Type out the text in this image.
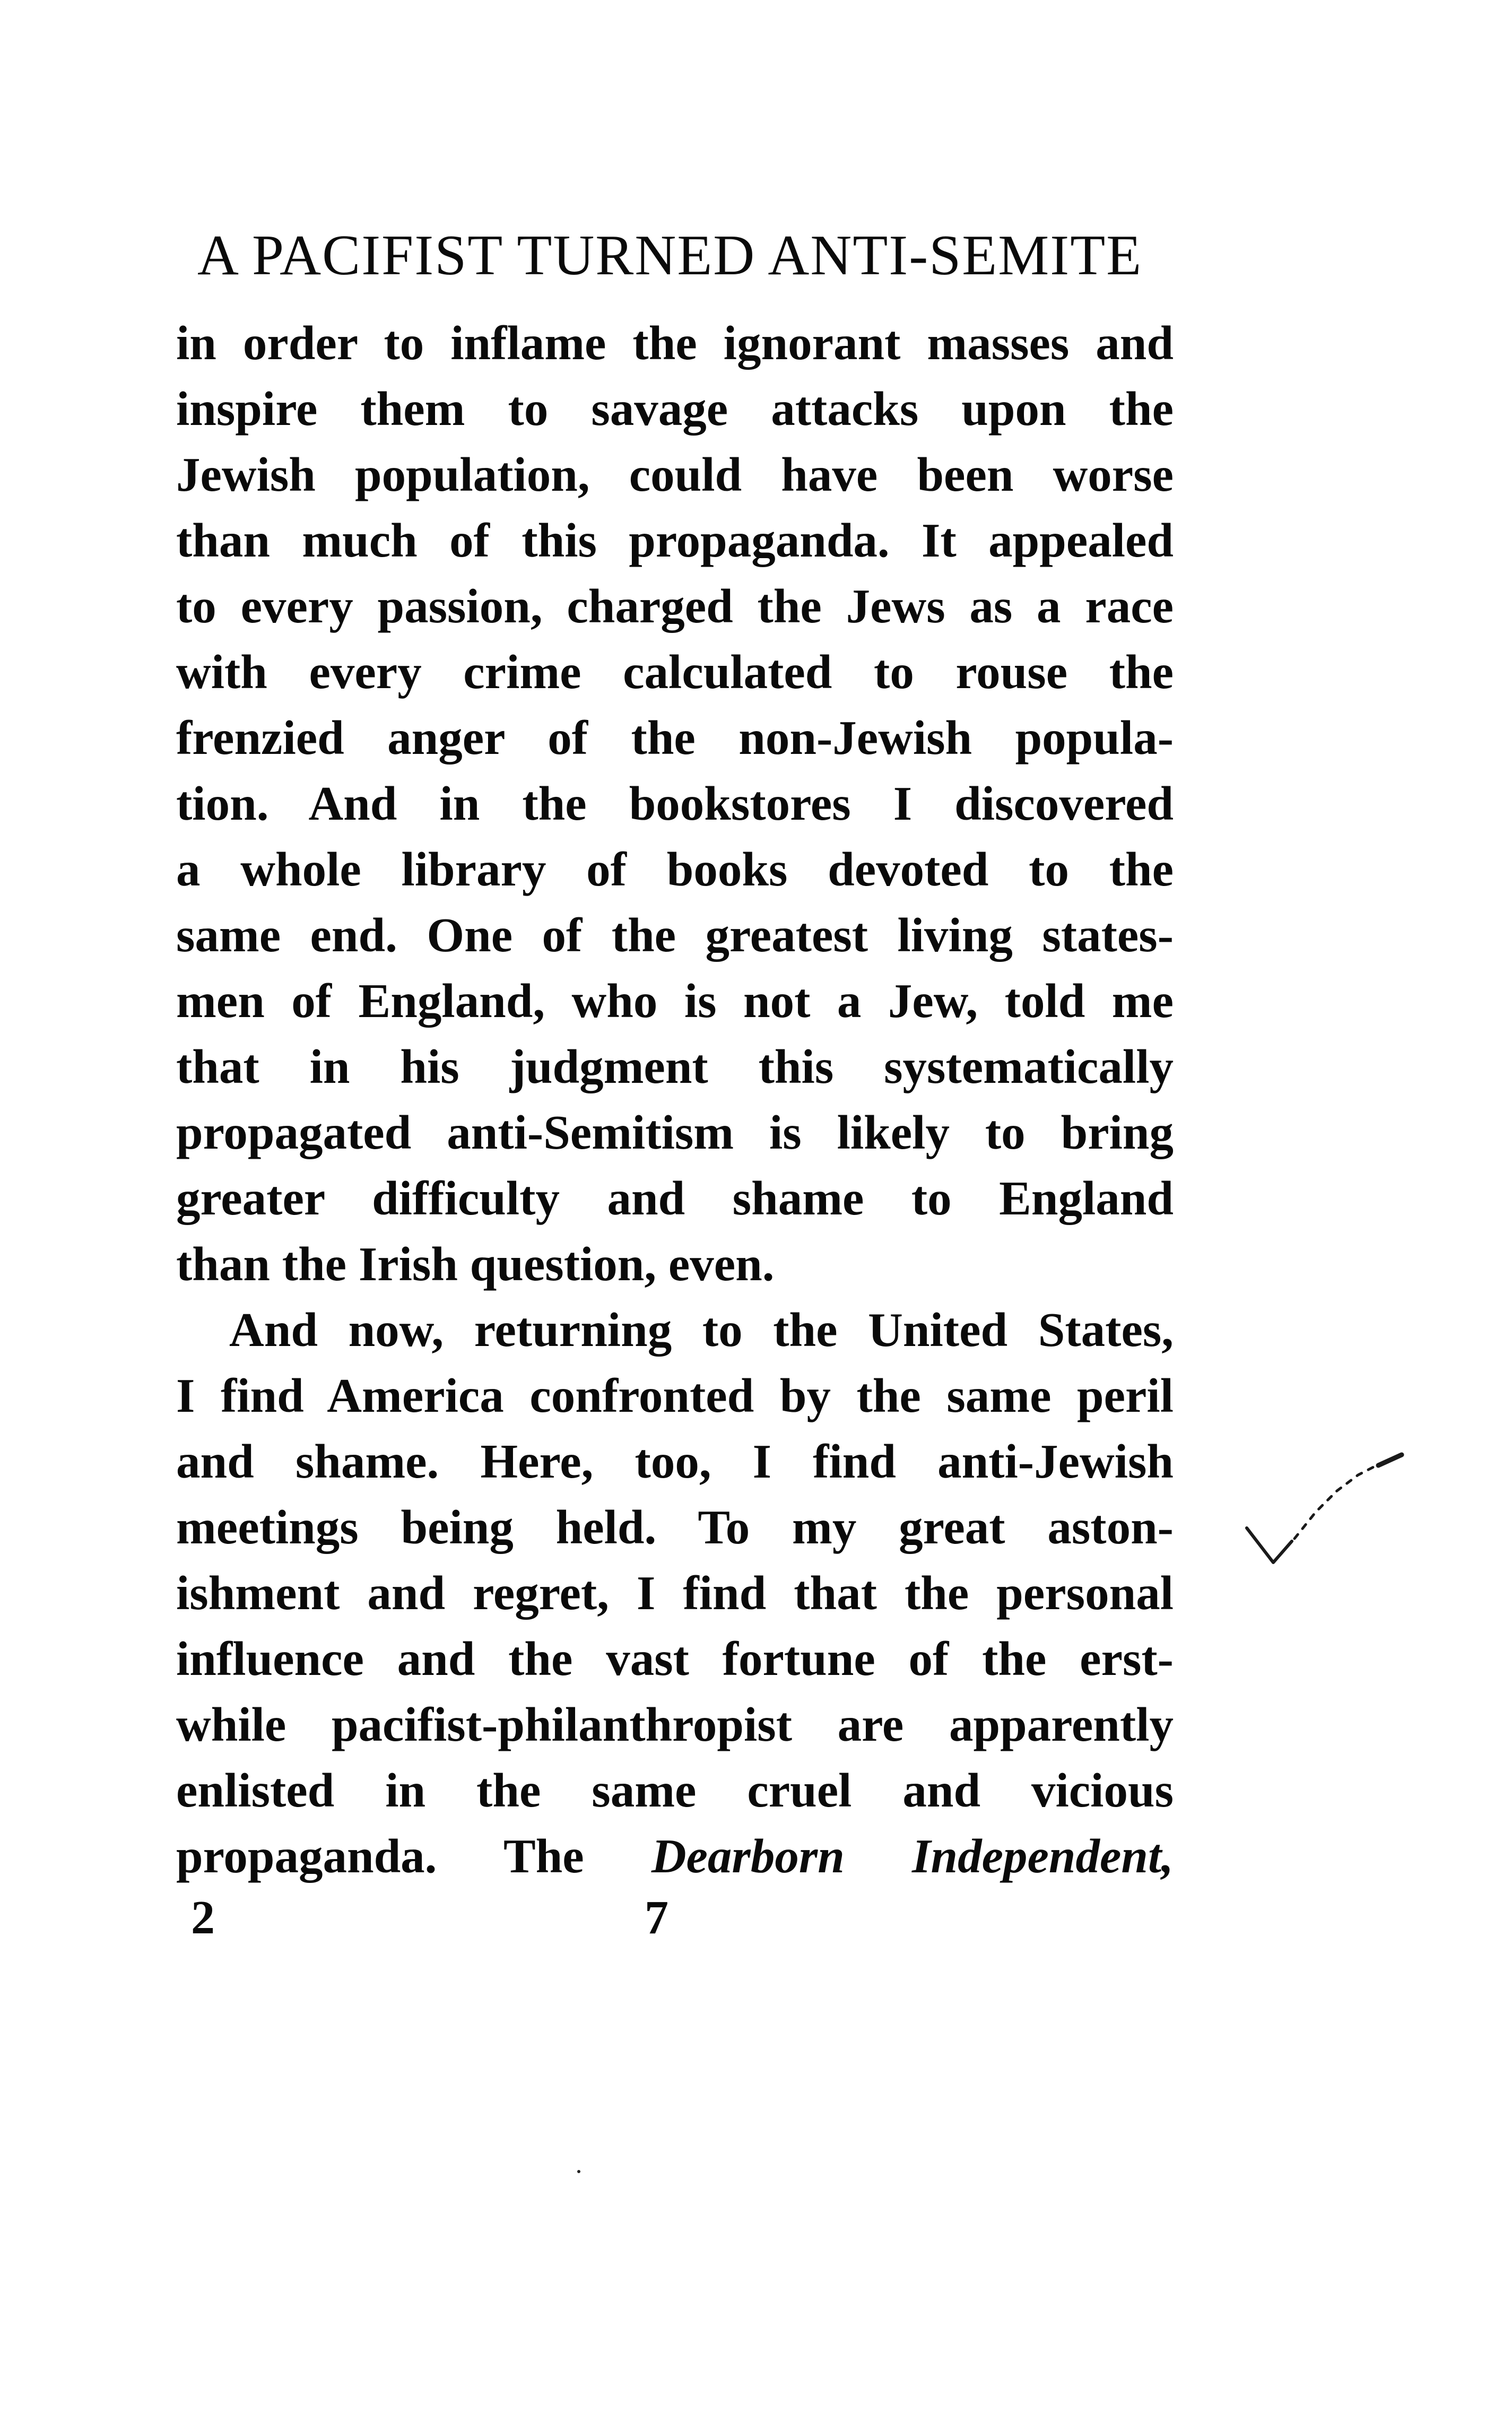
A PACIFIST TURNED ANTI-SEMITE
in order to inflame the ignorant masses and
inspire them to savage attacks upon the
Jewish population, could have been worse
than much of this propaganda. It appealed
to every passion, charged the Jews as a race
with every crime calculated to rouse the
frenzied anger of the non-Jewish popula-
tion. And in the bookstores I discovered
a whole library of books devoted to the
same end. One of the greatest living states-
men of England, who is not a Jew, told me
that in his judgment this systematically
propagated anti-Semitism is likely to bring
greater difficulty and shame to England
than the Irish question, even.
And now, returning to the United States,
I find America confronted by the same peril
and shame. Here, too, I find anti-Jewish
meetings being held. To my great aston-
ishment and regret, I find that the personal
influence and the vast fortune of the erst-
while pacifist-philanthropist are apparently
enlisted in the same cruel and vicious
propaganda. The Dearborn Independent,
2	7
